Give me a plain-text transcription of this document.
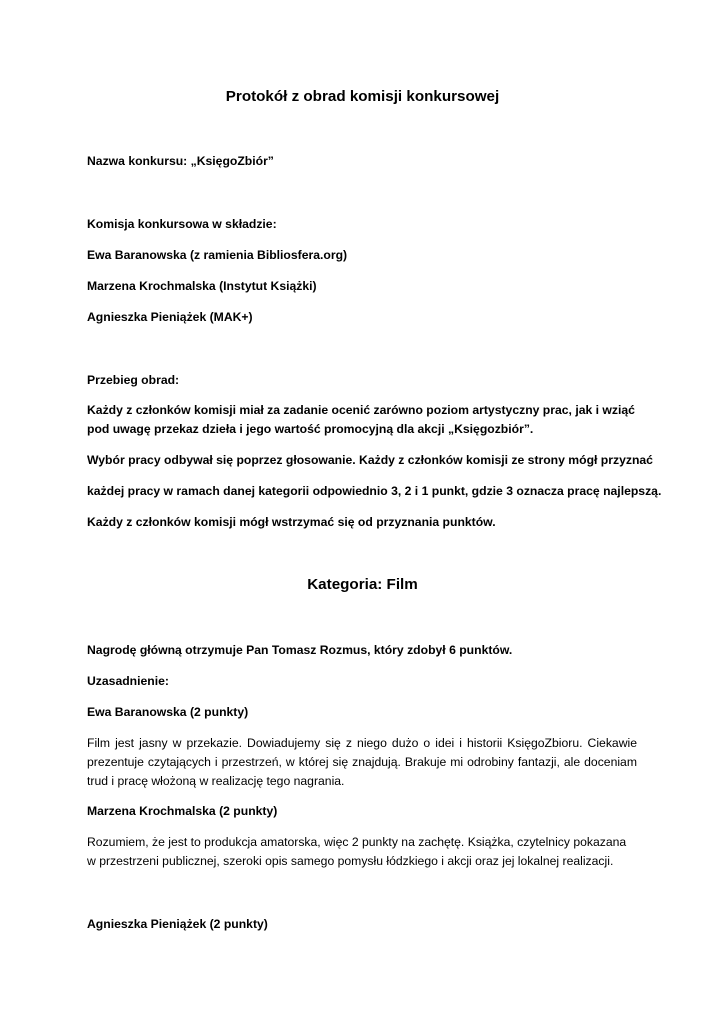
Protokół z obrad komisji konkursowej

Nazwa konkursu: „KsięgoZbiór”

Komisja konkursowa w składzie:

Ewa Baranowska (z ramienia Bibliosfera.org)

Marzena Krochmalska (Instytut Książki)

Agnieszka Pieniążek (MAK+)

Przebieg obrad:

Każdy z członków komisji miał za zadanie ocenić zarówno poziom artystyczny prac, jak i wziąć pod uwagę przekaz dzieła i jego wartość promocyjną dla akcji „Księgozbiór”.

Wybór pracy odbywał się poprzez głosowanie. Każdy z członków komisji ze strony mógł przyznać

każdej pracy w ramach danej kategorii odpowiednio 3, 2 i 1 punkt, gdzie 3 oznacza pracę najlepszą.

Każdy z członków komisji mógł wstrzymać się od przyznania punktów.

Kategoria: Film

Nagrodę główną otrzymuje Pan Tomasz Rozmus, który zdobył 6 punktów.

Uzasadnienie:

Ewa Baranowska (2 punkty)

Film jest jasny w przekazie. Dowiadujemy się z niego dużo o idei i historii KsięgoZbioru. Ciekawie prezentuje czytających i przestrzeń, w której się znajdują. Brakuje mi odrobiny fantazji, ale doceniam trud i pracę włożoną w realizację tego nagrania.

Marzena Krochmalska (2 punkty)

Rozumiem, że jest to produkcja amatorska, więc 2 punkty na zachętę. Książka, czytelnicy pokazana w przestrzeni publicznej, szeroki opis samego pomysłu łódzkiego i akcji oraz jej lokalnej realizacji.

Agnieszka Pieniążek (2 punkty)
